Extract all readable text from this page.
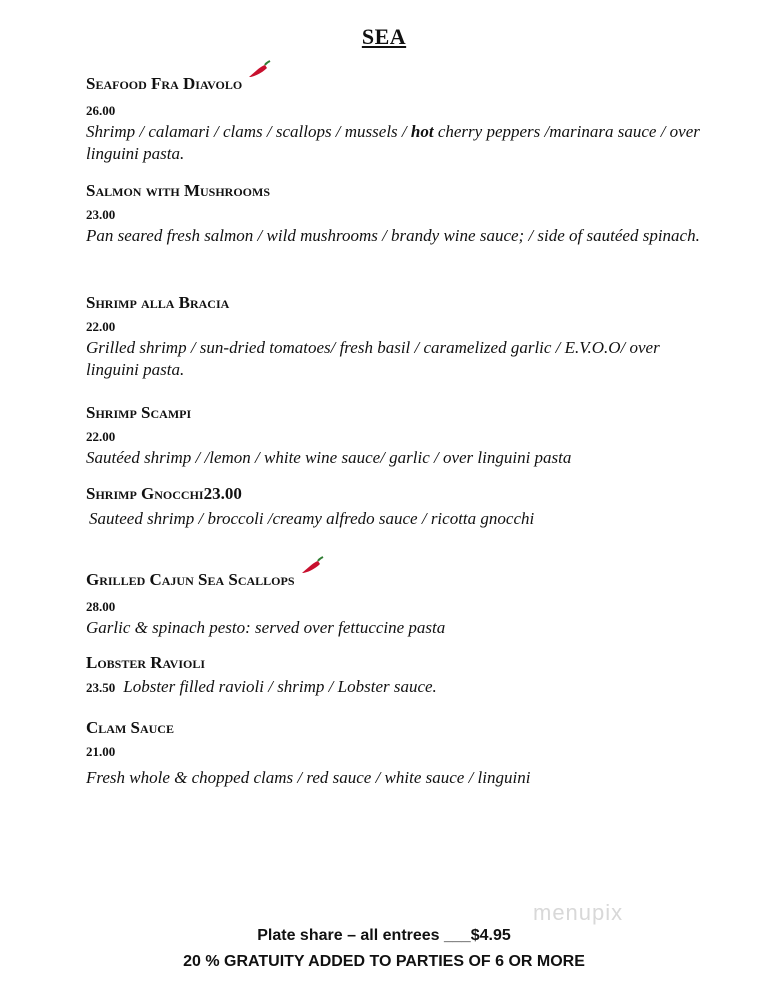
SEA
Seafood Fra Diavolo
26.00
Shrimp / calamari / clams / scallops / mussels / hot cherry peppers /marinara sauce / over linguini pasta.
Salmon with Mushrooms
23.00
Pan seared fresh salmon / wild mushrooms / brandy wine sauce; / side of sautéed spinach.
Shrimp alla Bracia
22.00
Grilled shrimp / sun-dried tomatoes/ fresh basil / caramelized garlic / E.V.O.O/ over linguini pasta.
Shrimp Scampi
22.00
Sautéed shrimp / /lemon / white wine sauce/ garlic / over linguini pasta
Shrimp Gnocchi23.00
Sauteed shrimp / broccoli /creamy alfredo sauce / ricotta gnocchi
Grilled Cajun Sea Scallops
28.00
Garlic & spinach pesto: served over fettuccine pasta
Lobster Ravioli
23.50 Lobster filled ravioli / shrimp / Lobster sauce.
Clam Sauce
21.00
Fresh whole & chopped clams / red sauce / white sauce / linguini
menupix
Plate share – all entrees ___$4.95
20 % GRATUITY ADDED TO PARTIES OF 6 OR MORE
